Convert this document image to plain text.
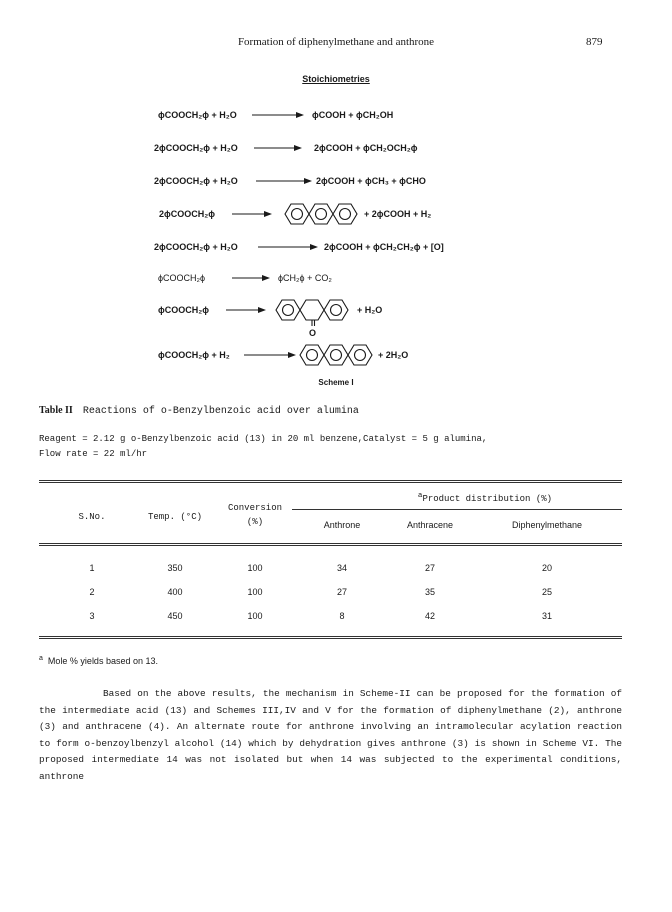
Formation of diphenylmethane and anthrone	879
Stoichiometries
ϕCOOCH₂ϕ + H₂O	ϕCOOH + ϕCH₂OH
2ϕCOOCH₂ϕ + H₂O	2ϕCOOH + ϕCH₂OCH₂ϕ
2ϕCOOCH₂ϕ + H₂O	2ϕCOOH + ϕCH₃ + ϕCHO
2ϕCOOCH₂ϕ	+ 2ϕCOOH + H₂
2ϕCOOCH₂ϕ + H₂O	2ϕCOOH + ϕCH₂CH₂ϕ + [O]
ϕCOOCH₂ϕ	ϕCH₂ϕ + CO₂
ϕCOOCH₂ϕ
O
+ H₂O
ϕCOOCH₂ϕ + H₂	+ 2H₂O
Scheme I
Table II Reactions of o-Benzylbenzoic acid over alumina
Reagent = 2.12 g o-Benzylbenzoic acid (13) in 20 ml benzene,Catalyst = 5 g alumina,
Flow rate = 22 ml/hr
$^a$Product distribution (%)
S.No.	Temp. (°C)
Conversion
(%)	Anthrone	Anthracene	Diphenylmethane
1	350	100	34	27	20
2	400	100	27	35	25
3	450	100	8	42	31
$^a$ Mole % yields based on 13.

Based on the above results, the mechanism in Scheme-II can be proposed for the formation of the intermediate acid (13) and Schemes III,IV and V for the formation of diphenylmethane (2), anthrone (3) and anthracene (4). An alternate route for anthrone involving an intramolecular acylation reaction to form o-benzoylbenzyl alcohol (14) which by dehydration gives anthrone (3) is shown in Scheme VI. The proposed intermediate 14 was not isolated but when 14 was subjected to the experimental conditions, anthrone
